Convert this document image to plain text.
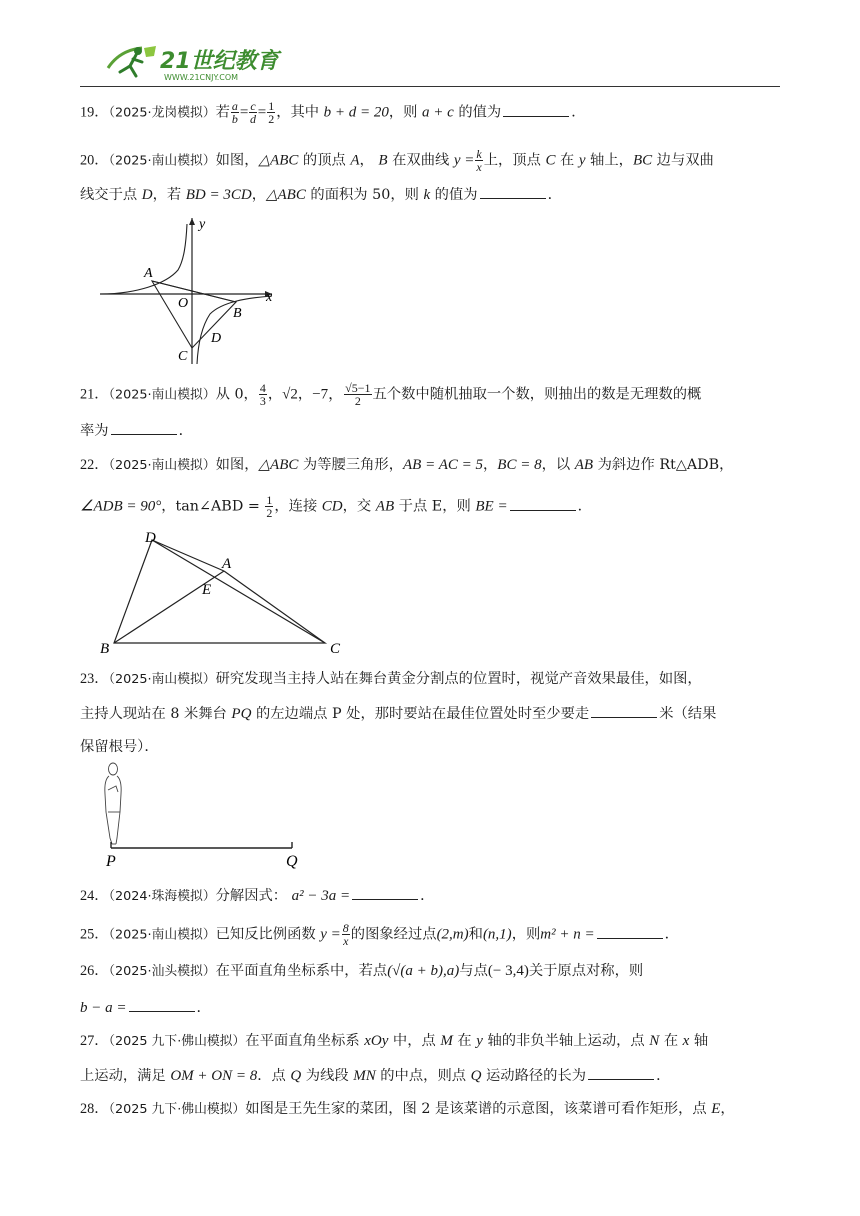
21世纪教育
WWW.21CNJY.COM
19．（2025·龙岗模拟）若 $\frac{a}{b} = \frac{c}{d} = \frac{1}{2}$ ，其中 b + d = 20，则 a + c 的值为	．
20．（2025·南山模拟）如图，△ABC 的顶点 A， B 在双曲线 $y = \frac{k}{x}$ 上，顶点 C 在 y 轴上，BC 边与双曲
线交于点 D，若 BD = 3CD，△ABC 的面积为 50，则 k 的值为	．
y
x
A
O
B
C
D
21．（2025·南山模拟）从 0， $\frac{4}{3}$ ，√2，−7， $\frac{√5-1}{2}$ 五个数中随机抽取一个数，则抽出的数是无理数的概
率为	．
22．（2025·南山模拟）如图，△ABC 为等腰三角形，AB = AC = 5，BC = 8，以 AB 为斜边作 Rt△ADB，
∠ADB = 90°，tan∠ABD = $\frac{1}{2}$ ，连接 CD，交 AB 于点 E，则 BE =	．
D
A
E
B	C
23．（2025·南山模拟）研究发现当主持人站在舞台黄金分割点的位置时，视觉产音效果最佳，如图，
主持人现站在 8 米舞台 PQ 的左边端点 P 处，那时要站在最佳位置处时至少要走	米（结果
保留根号）．
P	Q
24．（2024·珠海模拟）分解因式： a² − 3a =	．
25．（2025·南山模拟）已知反比例函数 $y = \frac{8}{x}$ 的图象经过点(2,m)和(n,1)，则m² + n =	．
26．（2025·汕头模拟）在平面直角坐标系中，若点(√(a + b),a)与点(− 3,4)关于原点对称，则
b − a =	．
27．（2025 九下·佛山模拟）在平面直角坐标系 xOy 中，点 M 在 y 轴的非负半轴上运动，点 N 在 x 轴
上运动，满足 OM + ON = 8．点 Q 为线段 MN 的中点，则点 Q 运动路径的长为	．
28．（2025 九下·佛山模拟）如图是王先生家的菜团，图 2 是该菜谱的示意图，该菜谱可看作矩形，点 E，
